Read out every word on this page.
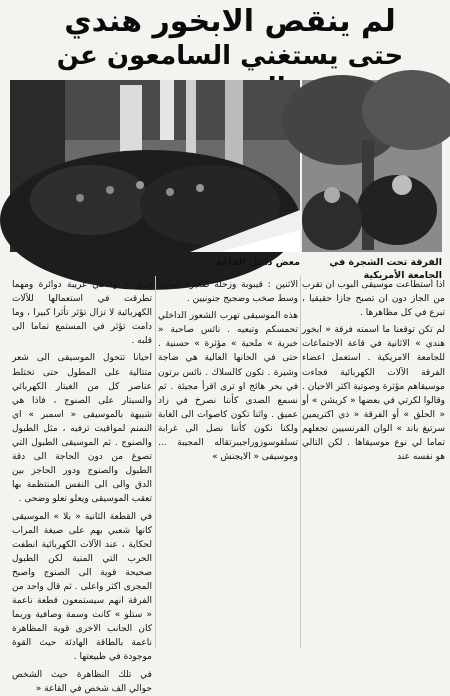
لم ينقص الابخور هندي
حتى يستغني السامعون عن
معض داخل القاعة	الفرقة تحت الشجرة في الجامعة الأمريكية

اذا استطاعت موسيقى البوب ان تقرب من الجاز دون ان تصبح جازا حقيقيا ، تبرع في كل مظاهرها .

لم تكن توقعنا ما اسمته فرقة « ابخور هندي » الاثانية في قاعة الاجتماعات للجامعة الامريكية . استعمل اعضاء الفرقة الآلات الكهربائية فجاءت موسيقاهم مؤثرة وصوتية اكثر الاحيان . وقالوا لكرتي في بعضها « كريشن » أو « الحلق » أو الفرقة « ذي اكتريمين سرتيغ باند » الوان الفرنسيين تجعلهم تماما لي نوع موسيقاها . لكن التالي هو نفسه عند

الاثنين : قيبوبة وزحلة صغيرة صافية وسط صخب وضجيج جنونيين .

هذه الموسيقى تهرب الشعور الداخلي تحمسكم وتبعيه . نائس صاحبة « خبرية » ملحية » مؤثرة » حسنية . حتى في الحانها العالية هي ضاجة وشيرة . تكون كالسلاك . نائس برتون في بحر هائج او ترى اقرأ مجيئة . ثم نسمع الصدى كأننا نصرخ في زاد عميق . واثنا تكون كاصوات الى الغابة ولكنا نكون كأننا نصل الى غرابة تسلقوسوزوراجيبرتقاله المجيبة ... وموسيقى « الايجنش »

غري » بها هي غريبة دوائرة ومهما تطرقت في استعمالها للآلات الكهربائية لا تزال تؤثر تأثرا كبيرا ، وما دامت تؤثر في المستمع تماما الى قلبه .

احيانا تتحول الموسيقى الى شعر متتالية على المطول حتى تختلط عناصر كل من الغيتار الكهربائي والسيتار على الصنوج ، فاذا هي شبيهة بالموسيقى « اسمبر » اي النمنم لمواقيت ترفيه ، مثل الطبول والصنوج . ثم الموسيقى الطبول التي تصوغ من دون الحاجة الى دقة الطبول والصنوج ودور الحاجز بين الدق والى الى النفس المنتظمة بها تعقب الموسيقى ويعلو تعلو وضحى .

في القطعة الثانية « بلا » الموسيقى كانها شعبي بهم على صيغة المراب لحكاية ، عند الآلات الكهربائية انطفت الحرب التي المنية لكن الطبول صحيحة قوية الى الصنوج واصبح المجرى اكثر واعلى . ثم قال واحد من الفرقة انهم سيستمعون قطعة ناعمة « ستلو » كانت وسمة وصافية وربما كان الجانب الاخرى قوية المظاهرة ناعمة بالطاقة الهادئة حيث القوة موجودة في طبيعتها .

في تلك النظاهرة حيث الشخص حوالي الف شخص في القاعة «
